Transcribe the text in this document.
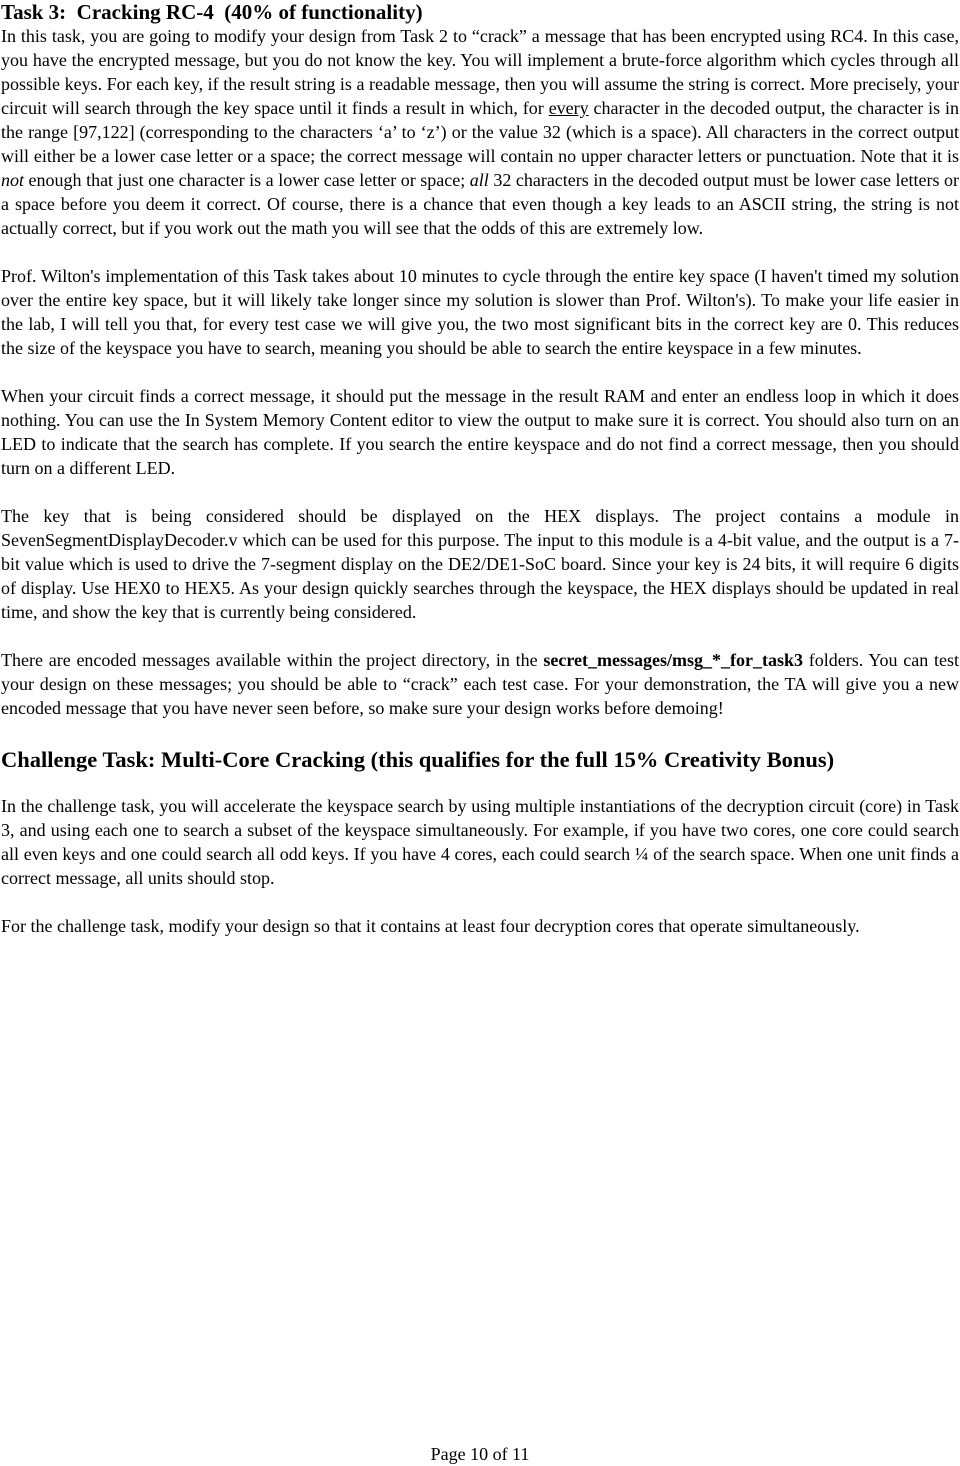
Task 3:  Cracking RC-4  (40% of functionality)

In this task, you are going to modify your design from Task 2 to “crack” a message that has been encrypted using RC4. In this case, you have the encrypted message, but you do not know the key. You will implement a brute-force algorithm which cycles through all possible keys. For each key, if the result string is a readable message, then you will assume the string is correct. More precisely, your circuit will search through the key space until it finds a result in which, for every character in the decoded output, the character is in the range [97,122] (corresponding to the characters ‘a’ to ‘z’) or the value 32 (which is a space). All characters in the correct output will either be a lower case letter or a space; the correct message will contain no upper character letters or punctuation. Note that it is not enough that just one character is a lower case letter or space; all 32 characters in the decoded output must be lower case letters or a space before you deem it correct. Of course, there is a chance that even though a key leads to an ASCII string, the string is not actually correct, but if you work out the math you will see that the odds of this are extremely low.

Prof. Wilton's implementation of this Task takes about 10 minutes to cycle through the entire key space (I haven't timed my solution over the entire key space, but it will likely take longer since my solution is slower than Prof. Wilton's). To make your life easier in the lab, I will tell you that, for every test case we will give you, the two most significant bits in the correct key are 0. This reduces the size of the keyspace you have to search, meaning you should be able to search the entire keyspace in a few minutes.

When your circuit finds a correct message, it should put the message in the result RAM and enter an endless loop in which it does nothing. You can use the In System Memory Content editor to view the output to make sure it is correct. You should also turn on an LED to indicate that the search has complete. If you search the entire keyspace and do not find a correct message, then you should turn on a different LED.

The key that is being considered should be displayed on the HEX displays. The project contains a module in SevenSegmentDisplayDecoder.v which can be used for this purpose. The input to this module is a 4-bit value, and the output is a 7-bit value which is used to drive the 7-segment display on the DE2/DE1-SoC board. Since your key is 24 bits, it will require 6 digits of display. Use HEX0 to HEX5. As your design quickly searches through the keyspace, the HEX displays should be updated in real time, and show the key that is currently being considered.

There are encoded messages available within the project directory, in the secret_messages/msg_*_for_task3 folders. You can test your design on these messages; you should be able to “crack” each test case. For your demonstration, the TA will give you a new encoded message that you have never seen before, so make sure your design works before demoing!

Challenge Task: Multi-Core Cracking (this qualifies for the full 15% Creativity Bonus)

In the challenge task, you will accelerate the keyspace search by using multiple instantiations of the decryption circuit (core) in Task 3, and using each one to search a subset of the keyspace simultaneously. For example, if you have two cores, one core could search all even keys and one could search all odd keys. If you have 4 cores, each could search ¼ of the search space. When one unit finds a correct message, all units should stop.

For the challenge task, modify your design so that it contains at least four decryption cores that operate simultaneously.

Page 10 of 11
